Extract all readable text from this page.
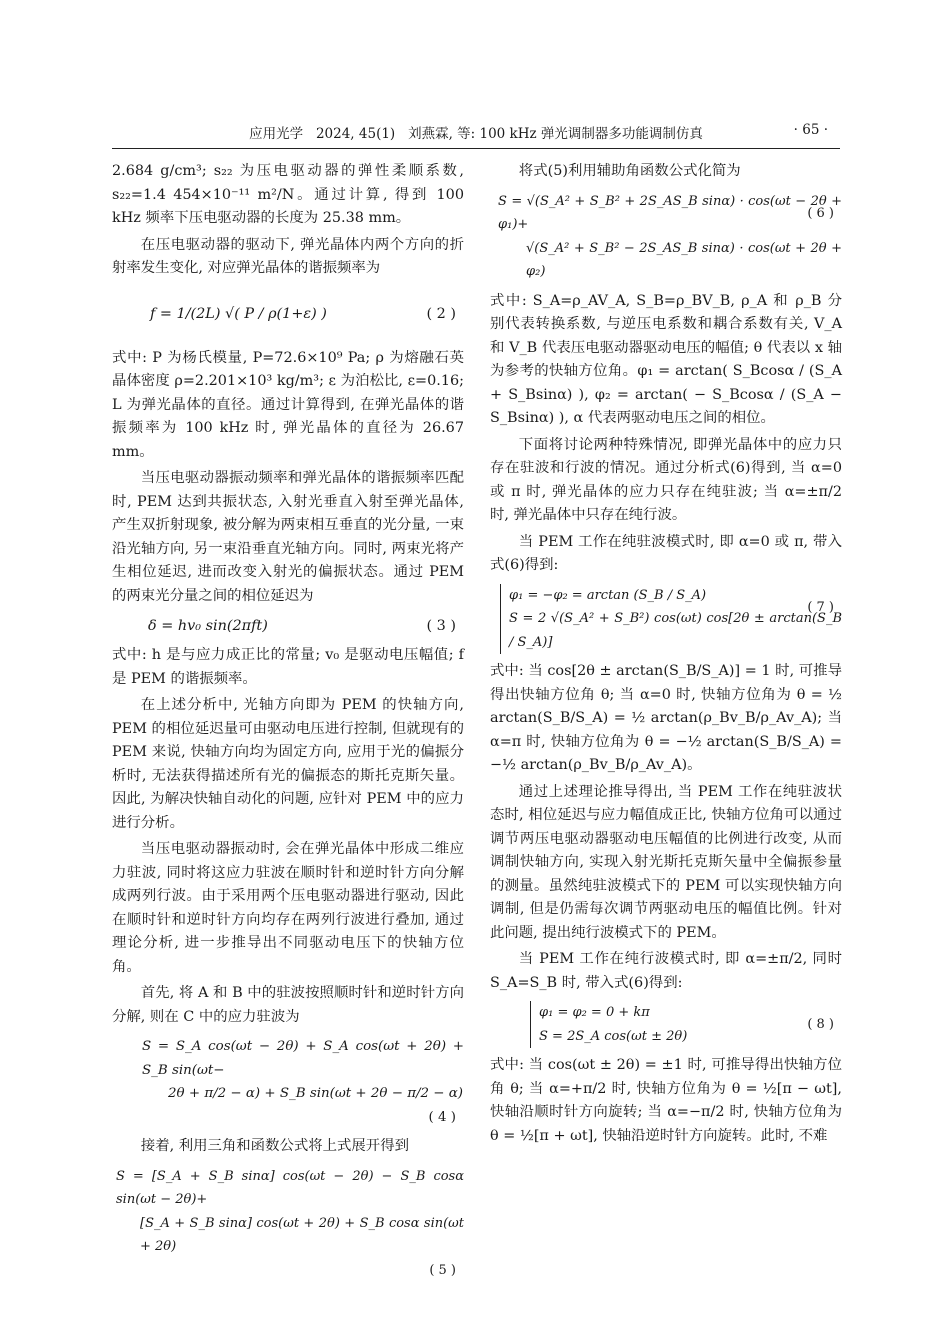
应用光学 2024, 45(1) 刘燕霖, 等: 100 kHz 弹光调制器多功能调制仿真	· 65 ·

2.684 g/cm³; s₂₂ 为压电驱动器的弹性柔顺系数, s₂₂=1.4 454×10⁻¹¹ m²/N。通过计算, 得到 100 kHz 频率下压电驱动器的长度为 25.38 mm。

在压电驱动器的驱动下, 弹光晶体内两个方向的折射率发生变化, 对应弹光晶体的谐振频率为

f = 1/(2L) √( P / ρ(1+ε) )	( 2 )

式中: P 为杨氏模量, P=72.6×10⁹ Pa; ρ 为熔融石英晶体密度 ρ=2.201×10³ kg/m³; ε 为泊松比, ε=0.16; L 为弹光晶体的直径。通过计算得到, 在弹光晶体的谐振频率为 100 kHz 时, 弹光晶体的直径为 26.67 mm。

当压电驱动器振动频率和弹光晶体的谐振频率匹配时, PEM 达到共振状态, 入射光垂直入射至弹光晶体, 产生双折射现象, 被分解为两束相互垂直的光分量, 一束沿光轴方向, 另一束沿垂直光轴方向。同时, 两束光将产生相位延迟, 进而改变入射光的偏振状态。通过 PEM 的两束光分量之间的相位延迟为

δ = hv₀ sin(2πft)	( 3 )

式中: h 是与应力成正比的常量; v₀ 是驱动电压幅值; f 是 PEM 的谐振频率。

在上述分析中, 光轴方向即为 PEM 的快轴方向, PEM 的相位延迟量可由驱动电压进行控制, 但就现有的 PEM 来说, 快轴方向均为固定方向, 应用于光的偏振分析时, 无法获得描述所有光的偏振态的斯托克斯矢量。因此, 为解决快轴自动化的问题, 应针对 PEM 中的应力进行分析。

当压电驱动器振动时, 会在弹光晶体中形成二维应力驻波, 同时将这应力驻波在顺时针和逆时针方向分解成两列行波。由于采用两个压电驱动器进行驱动, 因此在顺时针和逆时针方向均存在两列行波进行叠加, 通过理论分析, 进一步推导出不同驱动电压下的快轴方位角。

首先, 将 A 和 B 中的驻波按照顺时针和逆时针方向分解, 则在 C 中的应力驻波为

S = S_A cos(ωt − 2θ) + S_A cos(ωt + 2θ) + S_B sin(ωt−
2θ + π/2 − α) + S_B sin(ωt + 2θ − π/2 − α)
( 4 )

接着, 利用三角和函数公式将上式展开得到

S = [S_A + S_B sinα] cos(ωt − 2θ) − S_B cosα sin(ωt − 2θ)+
[S_A + S_B sinα] cos(ωt + 2θ) + S_B cosα sin(ωt + 2θ)
( 5 )

将式(5)利用辅助角函数公式化简为

S = √(S_A² + S_B² + 2S_AS_B sinα) · cos(ωt − 2θ + φ₁)+
√(S_A² + S_B² − 2S_AS_B sinα) · cos(ωt + 2θ + φ₂)
( 6 )

式中: S_A=ρ_AV_A, S_B=ρ_BV_B, ρ_A 和 ρ_B 分别代表转换系数, 与逆压电系数和耦合系数有关, V_A 和 V_B 代表压电驱动器驱动电压的幅值; θ 代表以 x 轴为参考的快轴方位角。φ₁ = arctan( S_Bcosα / (S_A + S_Bsinα) ), φ₂ = arctan( − S_Bcosα / (S_A − S_Bsinα) ), α 代表两驱动电压之间的相位。

下面将讨论两种特殊情况, 即弹光晶体中的应力只存在驻波和行波的情况。通过分析式(6)得到, 当 α=0 或 π 时, 弹光晶体的应力只存在纯驻波; 当 α=±π/2 时, 弹光晶体中只存在纯行波。

当 PEM 工作在纯驻波模式时, 即 α=0 或 π, 带入式(6)得到:

φ₁ = −φ₂ = arctan (S_B / S_A)
S = 2 √(S_A² + S_B²) cos(ωt) cos[2θ ± arctan(S_B / S_A)]
( 7 )

式中: 当 cos[2θ ± arctan(S_B/S_A)] = 1 时, 可推导得出快轴方位角 θ; 当 α=0 时, 快轴方位角为 θ = ½ arctan(S_B/S_A) = ½ arctan(ρ_Bv_B/ρ_Av_A); 当 α=π 时, 快轴方位角为 θ = −½ arctan(S_B/S_A) = −½ arctan(ρ_Bv_B/ρ_Av_A)。

通过上述理论推导得出, 当 PEM 工作在纯驻波状态时, 相位延迟与应力幅值成正比, 快轴方位角可以通过调节两压电驱动器驱动电压幅值的比例进行改变, 从而调制快轴方向, 实现入射光斯托克斯矢量中全偏振参量的测量。虽然纯驻波模式下的 PEM 可以实现快轴方向调制, 但是仍需每次调节两驱动电压的幅值比例。针对此问题, 提出纯行波模式下的 PEM。

当 PEM 工作在纯行波模式时, 即 α=±π/2, 同时 S_A=S_B 时, 带入式(6)得到:

φ₁ = φ₂ = 0 + kπ
S = 2S_A cos(ωt ± 2θ)
( 8 )

式中: 当 cos(ωt ± 2θ) = ±1 时, 可推导得出快轴方位角 θ; 当 α=+π/2 时, 快轴方位角为 θ = ½[π − ωt], 快轴沿顺时针方向旋转; 当 α=−π/2 时, 快轴方位角为 θ = ½[π + ωt], 快轴沿逆时针方向旋转。此时, 不难
